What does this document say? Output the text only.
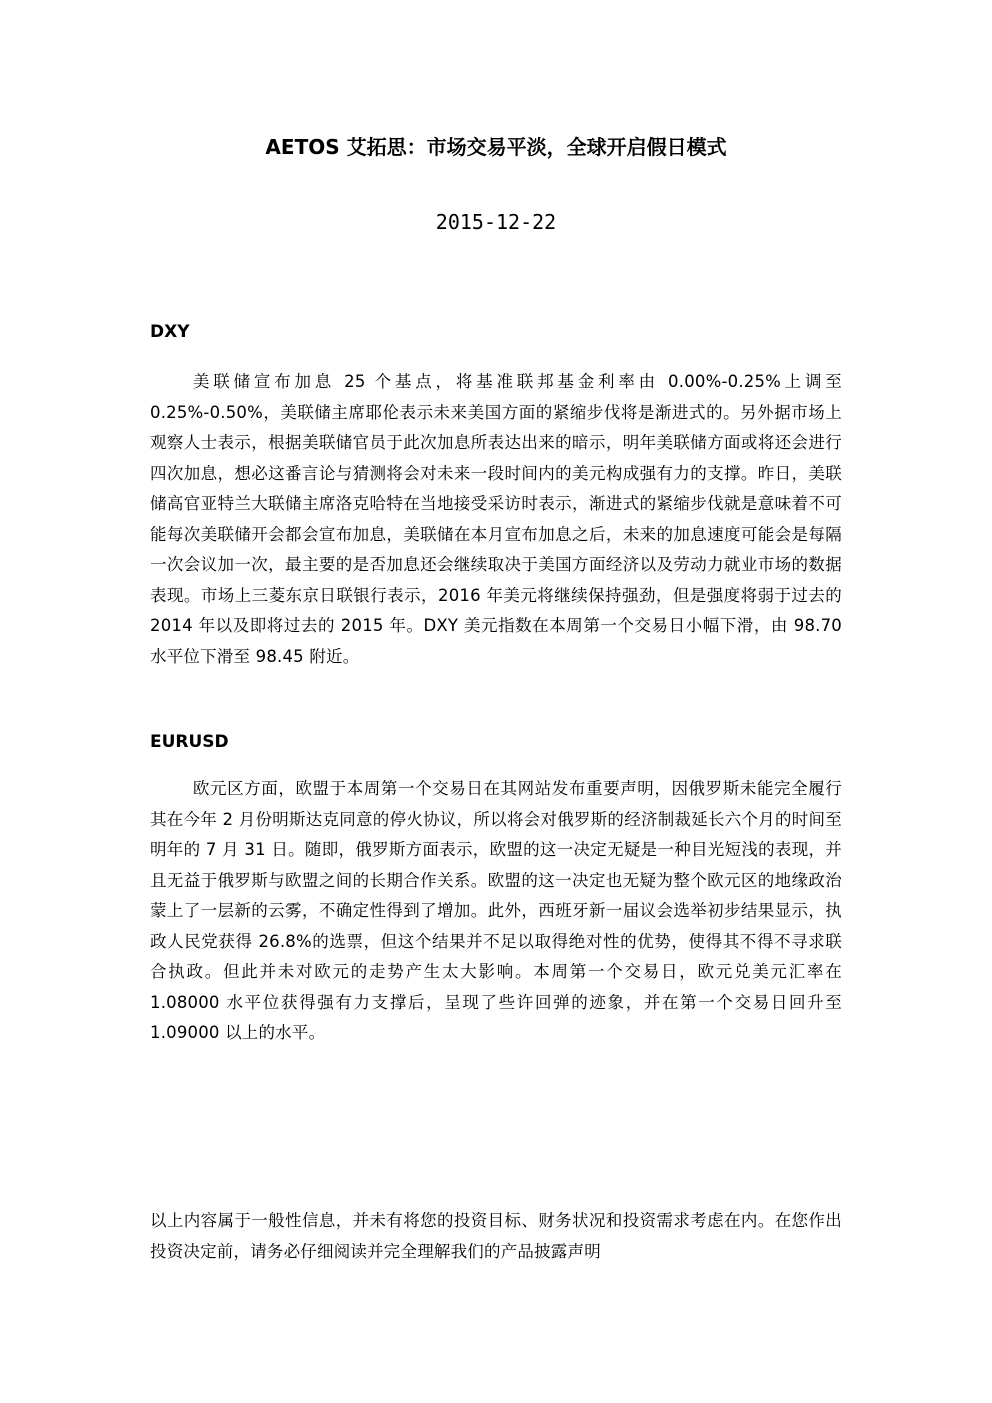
AETOS 艾拓思：市场交易平淡，全球开启假日模式
2015-12-22
DXY
美联储宣布加息 25 个基点，将基准联邦基金利率由 0.00%-0.25%上调至 0.25%-0.50%，美联储主席耶伦表示未来美国方面的紧缩步伐将是渐进式的。另外据市场上观察人士表示，根据美联储官员于此次加息所表达出来的暗示，明年美联储方面或将还会进行四次加息，想必这番言论与猜测将会对未来一段时间内的美元构成强有力的支撑。昨日，美联储高官亚特兰大联储主席洛克哈特在当地接受采访时表示，渐进式的紧缩步伐就是意味着不可能每次美联储开会都会宣布加息，美联储在本月宣布加息之后，未来的加息速度可能会是每隔一次会议加一次，最主要的是否加息还会继续取决于美国方面经济以及劳动力就业市场的数据表现。市场上三菱东京日联银行表示，2016 年美元将继续保持强劲，但是强度将弱于过去的 2014 年以及即将过去的 2015 年。DXY 美元指数在本周第一个交易日小幅下滑，由 98.70 水平位下滑至 98.45 附近。
EURUSD
欧元区方面，欧盟于本周第一个交易日在其网站发布重要声明，因俄罗斯未能完全履行其在今年 2 月份明斯达克同意的停火协议，所以将会对俄罗斯的经济制裁延长六个月的时间至明年的 7 月 31 日。随即，俄罗斯方面表示，欧盟的这一决定无疑是一种目光短浅的表现，并且无益于俄罗斯与欧盟之间的长期合作关系。欧盟的这一决定也无疑为整个欧元区的地缘政治蒙上了一层新的云雾，不确定性得到了增加。此外，西班牙新一届议会选举初步结果显示，执政人民党获得 26.8%的选票，但这个结果并不足以取得绝对性的优势，使得其不得不寻求联合执政。但此并未对欧元的走势产生太大影响。本周第一个交易日，欧元兑美元汇率在 1.08000 水平位获得强有力支撑后，呈现了些许回弹的迹象，并在第一个交易日回升至 1.09000 以上的水平。
以上内容属于一般性信息，并未有将您的投资目标、财务状况和投资需求考虑在内。在您作出投资决定前，请务必仔细阅读并完全理解我们的产品披露声明
